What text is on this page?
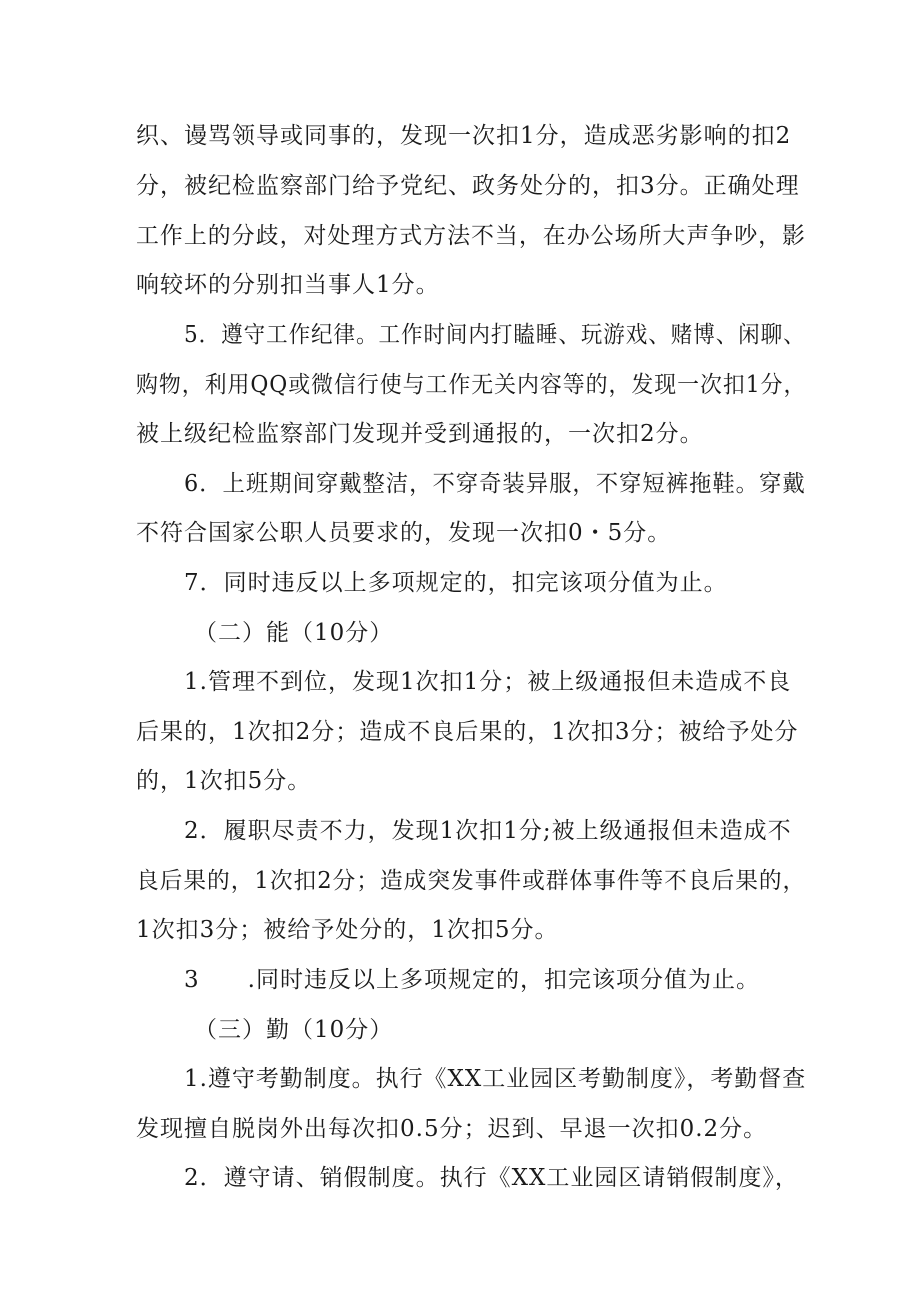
织、谩骂领导或同事的，发现一次扣1分，造成恶劣影响的扣2
分，被纪检监察部门给予党纪、政务处分的，扣3分。正确处理
工作上的分歧，对处理方式方法不当，在办公场所大声争吵，影
响较坏的分别扣当事人1分。
5．遵守工作纪律。工作时间内打瞌睡、玩游戏、赌博、闲聊、
购物，利用QQ或微信行使与工作无关内容等的，发现一次扣1分，
被上级纪检监察部门发现并受到通报的，一次扣2分。
6．上班期间穿戴整洁，不穿奇装异服，不穿短裤拖鞋。穿戴
不符合国家公职人员要求的，发现一次扣0・5分。
7．同时违反以上多项规定的，扣完该项分值为止。
（二）能（10分）
1.管理不到位，发现1次扣1分；被上级通报但未造成不良
后果的，1次扣2分；造成不良后果的，1次扣3分；被给予处分
的，1次扣5分。
2．履职尽责不力，发现1次扣1分;被上级通报但未造成不
良后果的，1次扣2分；造成突发事件或群体事件等不良后果的，
1次扣3分；被给予处分的，1次扣5分。
3　　.同时违反以上多项规定的，扣完该项分值为止。
（三）勤（10分）
1.遵守考勤制度。执行《XX工业园区考勤制度》，考勤督查
发现擅自脱岗外出每次扣0.5分；迟到、早退一次扣0.2分。
2．遵守请、销假制度。执行《XX工业园区请销假制度》，
